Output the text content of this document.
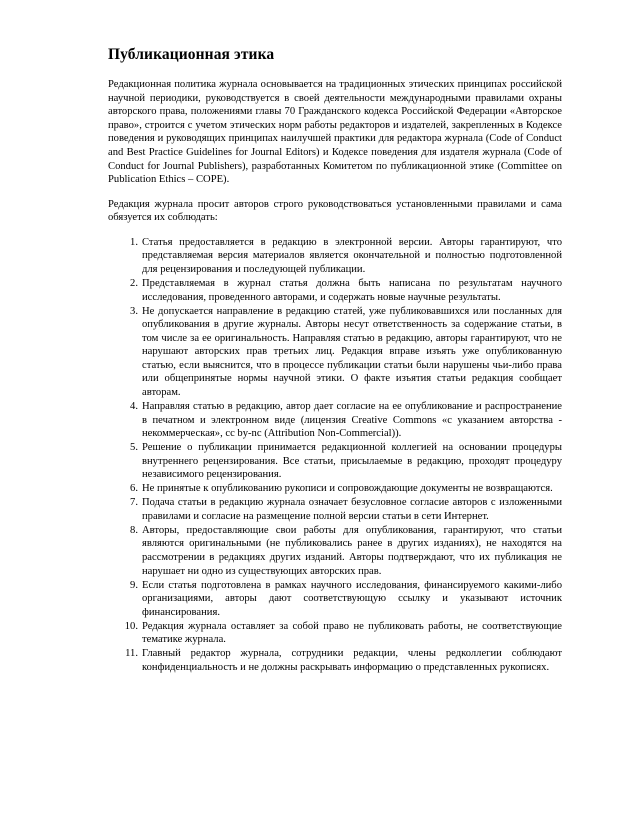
Публикационная этика

Редакционная политика журнала основывается на традиционных этических принципах российской научной периодики, руководствуется в своей деятельности международными правилами охраны авторского права, положениями главы 70 Гражданского кодекса Российской Федерации «Авторское право», строится с учетом этических норм работы редакторов и издателей, закрепленных в Кодексе поведения и руководящих принципах наилучшей практики для редактора журнала (Code of Conduct and Best Practice Guidelines for Journal Editors) и Кодексе поведения для издателя журнала (Code of Conduct for Journal Publishers), разработанных Комитетом по публикационной этике (Committee on Publication Ethics – COPE).

Редакция журнала просит авторов строго руководствоваться установленными правилами и сама обязуется их соблюдать:

Статья предоставляется в редакцию в электронной версии. Авторы гарантируют, что представляемая версия материалов является окончательной и полностью подготовленной для рецензирования и последующей публикации.
Представляемая в журнал статья должна быть написана по результатам научного исследования, проведенного авторами, и содержать новые научные результаты.
Не допускается направление в редакцию статей, уже публиковавшихся или посланных для опубликования в другие журналы. Авторы несут ответственность за содержание статьи, в том числе за ее оригинальность. Направляя статью в редакцию, авторы гарантируют, что не нарушают авторских прав третьих лиц. Редакция вправе изъять уже опубликованную статью, если выяснится, что в процессе публикации статьи были нарушены чьи-либо права или общепринятые нормы научной этики. О факте изъятия статьи редакция сообщает авторам.
Направляя статью в редакцию, автор дает согласие на ее опубликование и распространение в печатном и электронном виде (лицензия Creative Commons «с указанием авторства - некоммерческая», cc by-nc (Attribution Non-Commercial)).
Решение о публикации принимается редакционной коллегией на основании процедуры внутреннего рецензирования. Все статьи, присылаемые в редакцию, проходят процедуру независимого рецензирования.
Не принятые к опубликованию рукописи и сопровождающие документы не возвращаются.
Подача статьи в редакцию журнала означает безусловное согласие авторов с изложенными правилами и согласие на размещение полной версии статьи в сети Интернет.
Авторы, предоставляющие свои работы для опубликования, гарантируют, что статьи являются оригинальными (не публиковались ранее в других изданиях), не находятся на рассмотрении в редакциях других изданий. Авторы подтверждают, что их публикация не нарушает ни одно из существующих авторских прав.
Если статья подготовлена в рамках научного исследования, финансируемого какими-либо организациями, авторы дают соответствующую ссылку и указывают источник финансирования.
Редакция журнала оставляет за собой право не публиковать работы, не соответствующие тематике журнала.
Главный редактор журнала, сотрудники редакции, члены редколлегии соблюдают конфиденциальность и не должны раскрывать информацию о представленных рукописях.
